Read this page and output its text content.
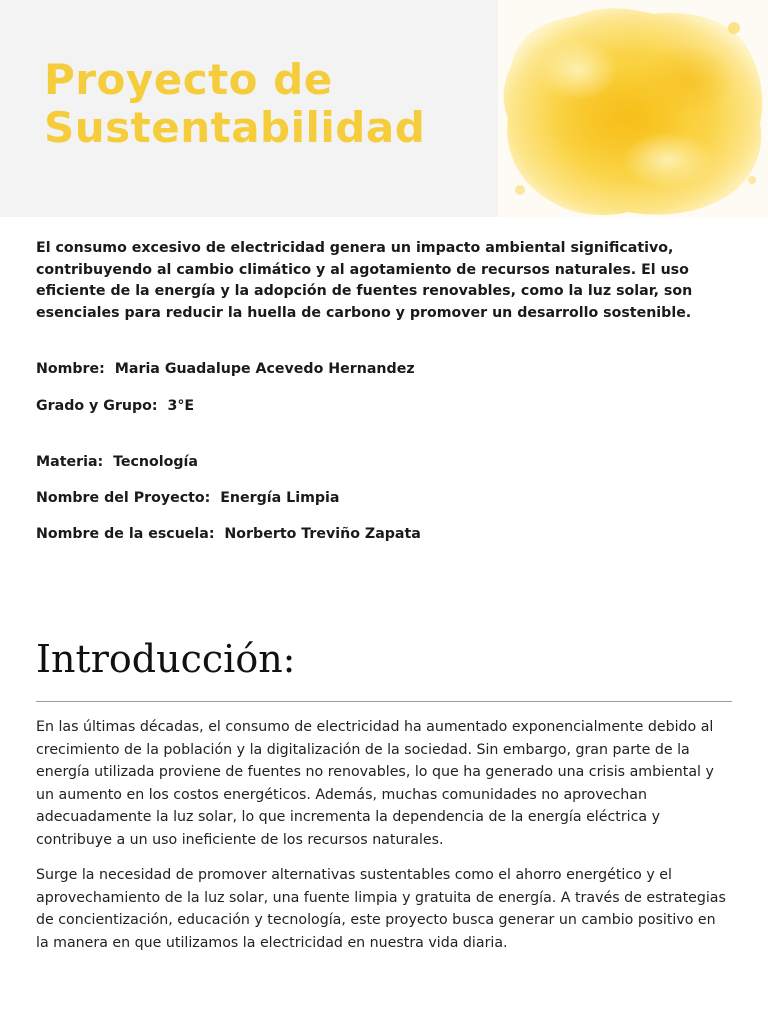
Proyecto de
Sustentabilidad

El consumo excesivo de electricidad genera un impacto ambiental significativo, contribuyendo al cambio climático y al agotamiento de recursos naturales. El uso eficiente de la energía y la adopción de fuentes renovables, como la luz solar, son esenciales para reducir la huella de carbono y promover un desarrollo sostenible.

Nombre: Maria Guadalupe Acevedo Hernandez

Grado y Grupo: 3°E

Materia: Tecnología

Nombre del Proyecto: Energía Limpia

Nombre de la escuela: Norberto Treviño Zapata

Introducción:

En las últimas décadas, el consumo de electricidad ha aumentado exponencialmente debido al crecimiento de la población y la digitalización de la sociedad. Sin embargo, gran parte de la energía utilizada proviene de fuentes no renovables, lo que ha generado una crisis ambiental y un aumento en los costos energéticos. Además, muchas comunidades no aprovechan adecuadamente la luz solar, lo que incrementa la dependencia de la energía eléctrica y contribuye a un uso ineficiente de los recursos naturales.

Surge la necesidad de promover alternativas sustentables como el ahorro energético y el aprovechamiento de la luz solar, una fuente limpia y gratuita de energía. A través de estrategias de concientización, educación y tecnología, este proyecto busca generar un cambio positivo en la manera en que utilizamos la electricidad en nuestra vida diaria.
